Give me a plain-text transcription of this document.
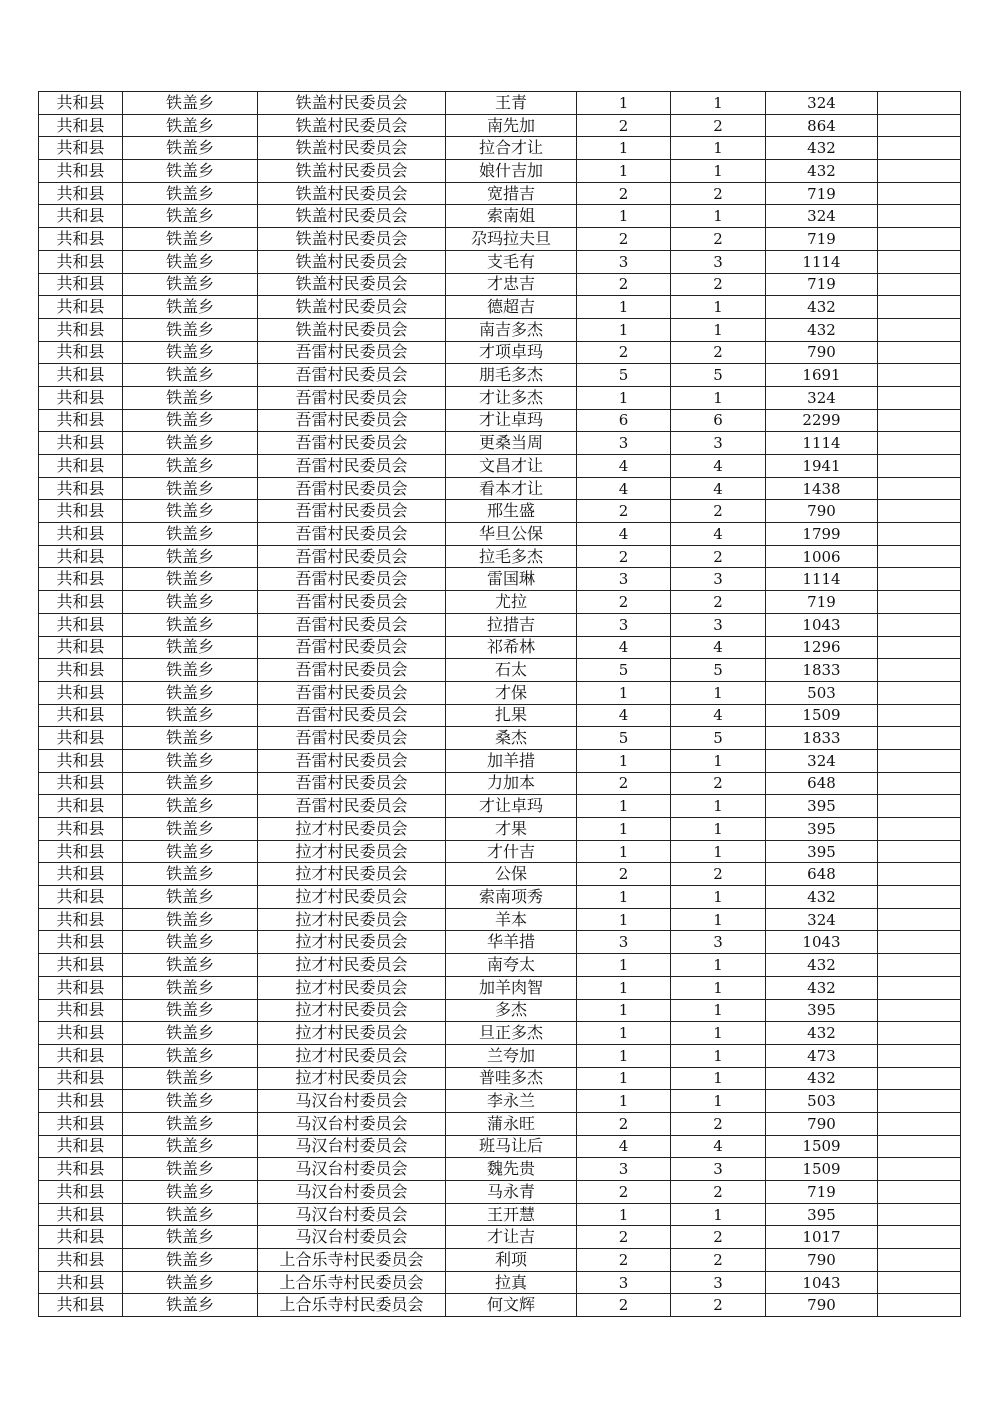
共和县	铁盖乡	铁盖村民委员会	王青	1	1	324	
共和县	铁盖乡	铁盖村民委员会	南先加	2	2	864	
共和县	铁盖乡	铁盖村民委员会	拉合才让	1	1	432	
共和县	铁盖乡	铁盖村民委员会	娘什吉加	1	1	432	
共和县	铁盖乡	铁盖村民委员会	宽措吉	2	2	719	
共和县	铁盖乡	铁盖村民委员会	索南姐	1	1	324	
共和县	铁盖乡	铁盖村民委员会	尕玛拉夫旦	2	2	719	
共和县	铁盖乡	铁盖村民委员会	支毛有	3	3	1114	
共和县	铁盖乡	铁盖村民委员会	才忠吉	2	2	719	
共和县	铁盖乡	铁盖村民委员会	德超吉	1	1	432	
共和县	铁盖乡	铁盖村民委员会	南吉多杰	1	1	432	
共和县	铁盖乡	吾雷村民委员会	才项卓玛	2	2	790	
共和县	铁盖乡	吾雷村民委员会	朋毛多杰	5	5	1691	
共和县	铁盖乡	吾雷村民委员会	才让多杰	1	1	324	
共和县	铁盖乡	吾雷村民委员会	才让卓玛	6	6	2299	
共和县	铁盖乡	吾雷村民委员会	更桑当周	3	3	1114	
共和县	铁盖乡	吾雷村民委员会	文昌才让	4	4	1941	
共和县	铁盖乡	吾雷村民委员会	看本才让	4	4	1438	
共和县	铁盖乡	吾雷村民委员会	邢生盛	2	2	790	
共和县	铁盖乡	吾雷村民委员会	华旦公保	4	4	1799	
共和县	铁盖乡	吾雷村民委员会	拉毛多杰	2	2	1006	
共和县	铁盖乡	吾雷村民委员会	雷国琳	3	3	1114	
共和县	铁盖乡	吾雷村民委员会	尤拉	2	2	719	
共和县	铁盖乡	吾雷村民委员会	拉措吉	3	3	1043	
共和县	铁盖乡	吾雷村民委员会	祁希林	4	4	1296	
共和县	铁盖乡	吾雷村民委员会	石太	5	5	1833	
共和县	铁盖乡	吾雷村民委员会	才保	1	1	503	
共和县	铁盖乡	吾雷村民委员会	扎果	4	4	1509	
共和县	铁盖乡	吾雷村民委员会	桑杰	5	5	1833	
共和县	铁盖乡	吾雷村民委员会	加羊措	1	1	324	
共和县	铁盖乡	吾雷村民委员会	力加本	2	2	648	
共和县	铁盖乡	吾雷村民委员会	才让卓玛	1	1	395	
共和县	铁盖乡	拉才村民委员会	才果	1	1	395	
共和县	铁盖乡	拉才村民委员会	才什吉	1	1	395	
共和县	铁盖乡	拉才村民委员会	公保	2	2	648	
共和县	铁盖乡	拉才村民委员会	索南项秀	1	1	432	
共和县	铁盖乡	拉才村民委员会	羊本	1	1	324	
共和县	铁盖乡	拉才村民委员会	华羊措	3	3	1043	
共和县	铁盖乡	拉才村民委员会	南夸太	1	1	432	
共和县	铁盖乡	拉才村民委员会	加羊肉智	1	1	432	
共和县	铁盖乡	拉才村民委员会	多杰	1	1	395	
共和县	铁盖乡	拉才村民委员会	旦正多杰	1	1	432	
共和县	铁盖乡	拉才村民委员会	兰夸加	1	1	473	
共和县	铁盖乡	拉才村民委员会	普哇多杰	1	1	432	
共和县	铁盖乡	马汉台村委员会	李永兰	1	1	503	
共和县	铁盖乡	马汉台村委员会	蒲永旺	2	2	790	
共和县	铁盖乡	马汉台村委员会	班马让后	4	4	1509	
共和县	铁盖乡	马汉台村委员会	魏先贵	3	3	1509	
共和县	铁盖乡	马汉台村委员会	马永青	2	2	719	
共和县	铁盖乡	马汉台村委员会	王开慧	1	1	395	
共和县	铁盖乡	马汉台村委员会	才让吉	2	2	1017	
共和县	铁盖乡	上合乐寺村民委员会	利项	2	2	790	
共和县	铁盖乡	上合乐寺村民委员会	拉真	3	3	1043	
共和县	铁盖乡	上合乐寺村民委员会	何文辉	2	2	790	
